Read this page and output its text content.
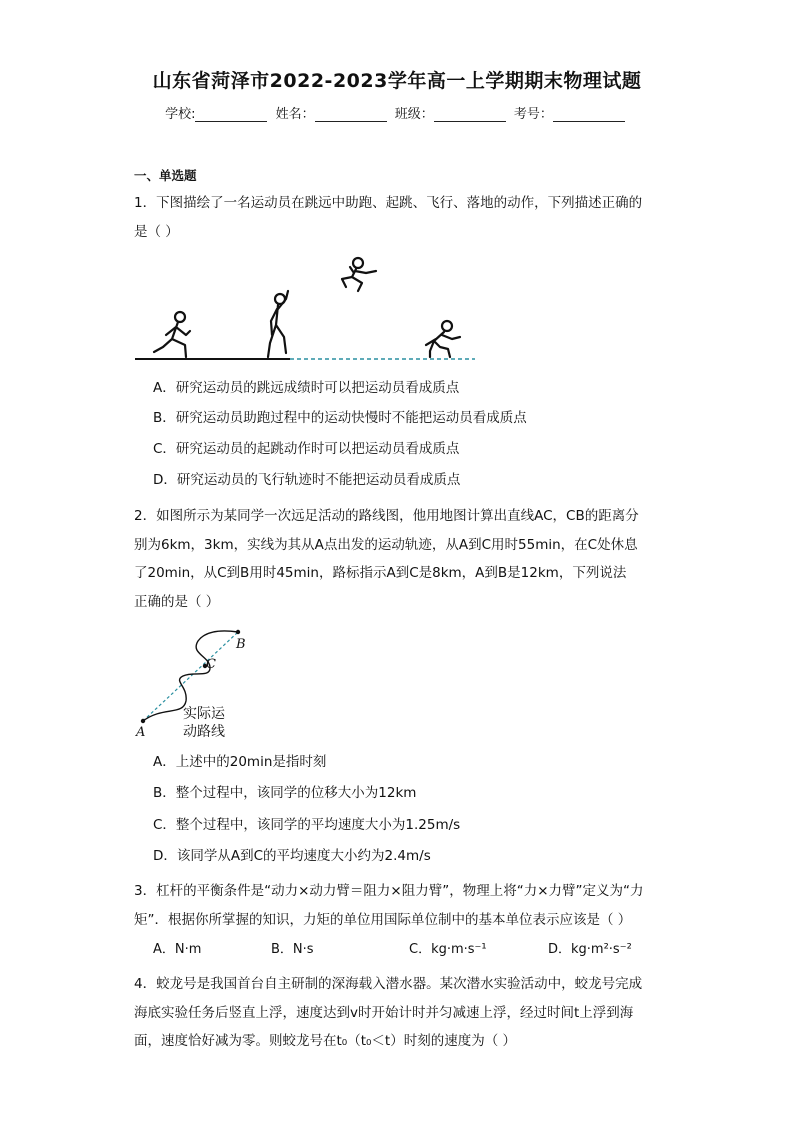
山东省菏泽市2022-2023学年高一上学期期末物理试题
学校:	姓名：	班级：	考号：
一、单选题
1．下图描绘了一名运动员在跳远中助跑、起跳、飞行、落地的动作，下列描述正确的
是（ ）
A．研究运动员的跳远成绩时可以把运动员看成质点
B．研究运动员助跑过程中的运动快慢时不能把运动员看成质点
C．研究运动员的起跳动作时可以把运动员看成质点
D．研究运动员的飞行轨迹时不能把运动员看成质点
2．如图所示为某同学一次远足活动的路线图，他用地图计算出直线AC，CB的距离分
别为6km，3km，实线为其从A点出发的运动轨迹，从A到C用时55min，在C处休息
了20min，从C到B用时45min，路标指示A到C是8km，A到B是12km，下列说法
正确的是（ ）
A
C
B
实际运
动路线
A．上述中的20min是指时刻
B．整个过程中，该同学的位移大小为12km
C．整个过程中，该同学的平均速度大小为1.25m/s
D．该同学从A到C的平均速度大小约为2.4m/s
3．杠杆的平衡条件是“动力×动力臂＝阻力×阻力臂”，物理上将“力×力臂”定义为“力
矩”．根据你所掌握的知识，力矩的单位用国际单位制中的基本单位表示应该是（ ）
A．N·m	B．N·s	C．kg·m·s⁻¹	D．kg·m²·s⁻²
4．蛟龙号是我国首台自主研制的深海载入潜水器。某次潜水实验活动中，蛟龙号完成
海底实验任务后竖直上浮，速度达到v时开始计时并匀减速上浮，经过时间t上浮到海
面，速度恰好减为零。则蛟龙号在t₀（t₀＜t）时刻的速度为（ ）
